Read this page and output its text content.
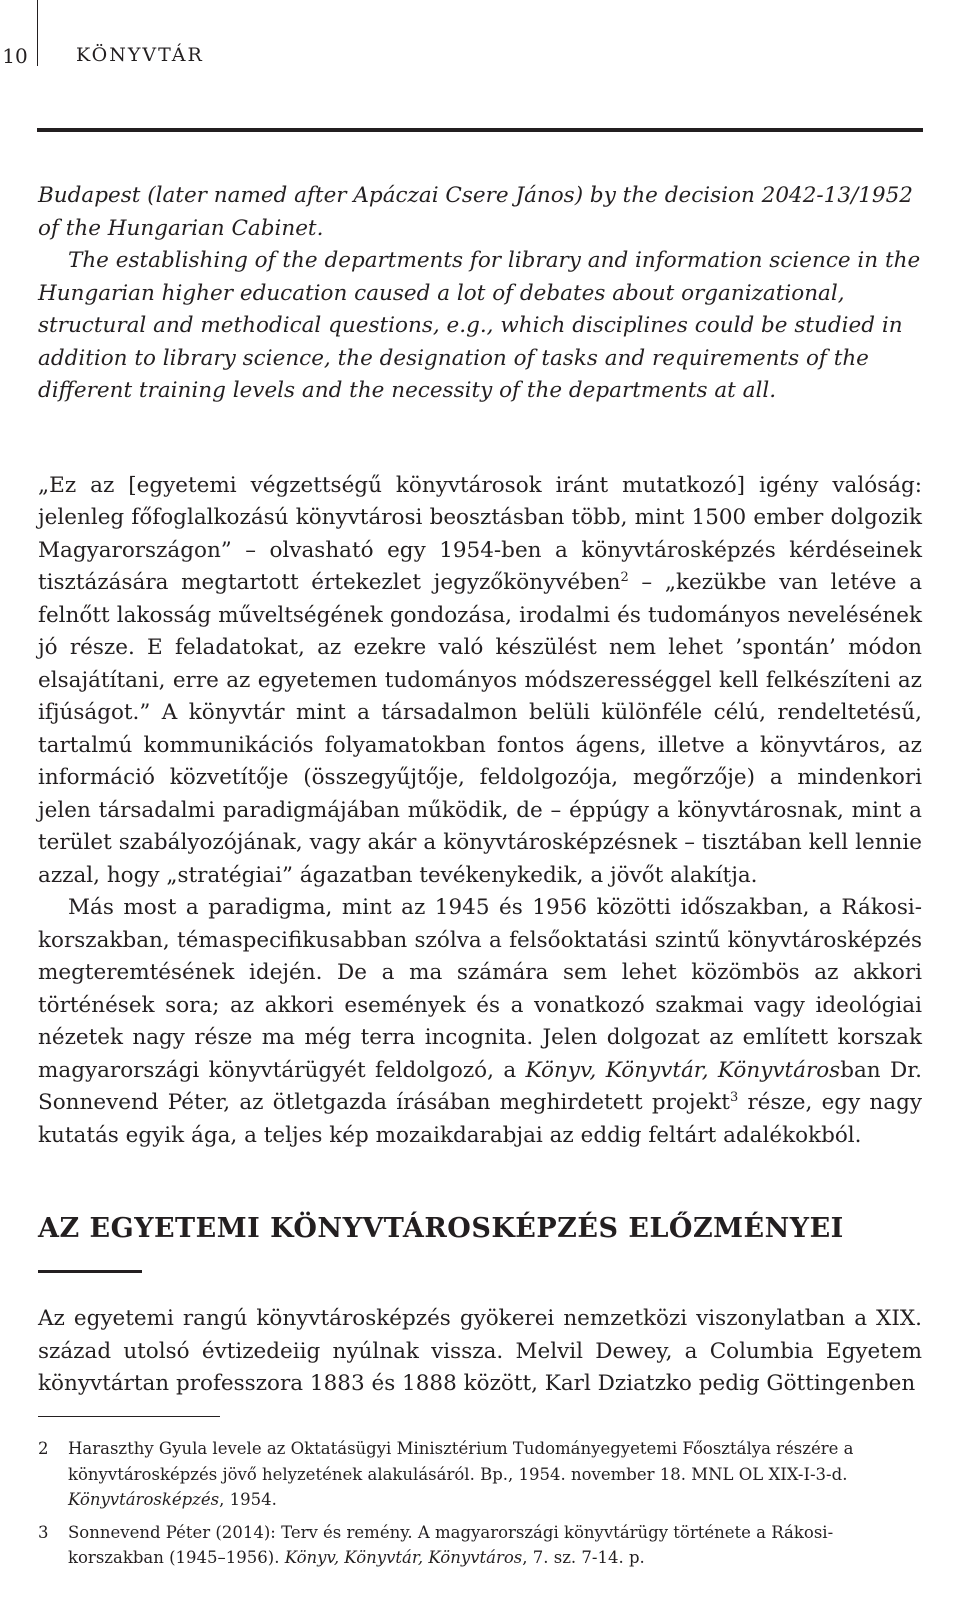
10	KÖNYVTÁR

Budapest (later named after Apáczai Csere János) by the decision 2042-13/1952 of the Hungarian Cabinet.

The establishing of the departments for library and information science in the Hungarian higher education caused a lot of debates about organizational, structural and methodical questions, e.g., which disciplines could be studied in addition to library science, the designation of tasks and requirements of the different training levels and the necessity of the departments at all.

„Ez az [egyetemi végzettségű könyvtárosok iránt mutatkozó] igény valóság: jelenleg főfoglalkozású könyvtárosi beosztásban több, mint 1500 ember dolgozik Magyarországon” – olvasható egy 1954-ben a könyvtárosképzés kérdéseinek tisztázására megtartott értekezlet jegyzőkönyvében$^2$ – „kezükbe van letéve a felnőtt lakosság műveltségének gondozása, irodalmi és tudományos nevelésének jó része. E feladatokat, az ezekre való készülést nem lehet ’spontán’ módon elsajátítani, erre az egyetemen tudományos módszerességgel kell felkészíteni az ifjúságot.” A könyvtár mint a társadalmon belüli különféle célú, rendeltetésű, tartalmú kommunikációs folyamatokban fontos ágens, illetve a könyvtáros, az információ közvetítője (összegyűjtője, feldolgozója, megőrzője) a mindenkori jelen társadalmi paradigmájában működik, de – éppúgy a könyvtárosnak, mint a terület szabályozójának, vagy akár a könyvtárosképzésnek – tisztában kell lennie azzal, hogy „stratégiai” ágazatban tevékenykedik, a jövőt alakítja.

Más most a paradigma, mint az 1945 és 1956 közötti időszakban, a Rákosi-korszakban, témaspecifikusabban szólva a felsőoktatási szintű könyvtárosképzés megteremtésének idején. De a ma számára sem lehet közömbös az akkori történések sora; az akkori események és a vonatkozó szakmai vagy ideológiai nézetek nagy része ma még terra incognita. Jelen dolgozat az említett korszak magyarországi könyvtárügyét feldolgozó, a Könyv, Könyvtár, Könyvtárosban Dr. Sonnevend Péter, az ötletgazda írásában meghirdetett projekt$^3$ része, egy nagy kutatás egyik ága, a teljes kép mozaikdarabjai az eddig feltárt adalékokból.

AZ EGYETEMI KÖNYVTÁROSKÉPZÉS ELŐZMÉNYEI

Az egyetemi rangú könyvtárosképzés gyökerei nemzetközi viszonylatban a XIX. század utolsó évtizedeiig nyúlnak vissza. Melvil Dewey, a Columbia Egyetem könyvtártan professzora 1883 és 1888 között, Karl Dziatzko pedig Göttingenben

2	Haraszthy Gyula levele az Oktatásügyi Minisztérium Tudományegyetemi Főosztálya részére a könyvtárosképzés jövő helyzetének alakulásáról. Bp., 1954. november 18. MNL OL XIX-I-3-d. Könyvtárosképzés, 1954.
3	Sonnevend Péter (2014): Terv és remény. A magyarországi könyvtárügy története a Rákosi-korszakban (1945–1956). Könyv, Könyvtár, Könyvtáros, 7. sz. 7-14. p.
